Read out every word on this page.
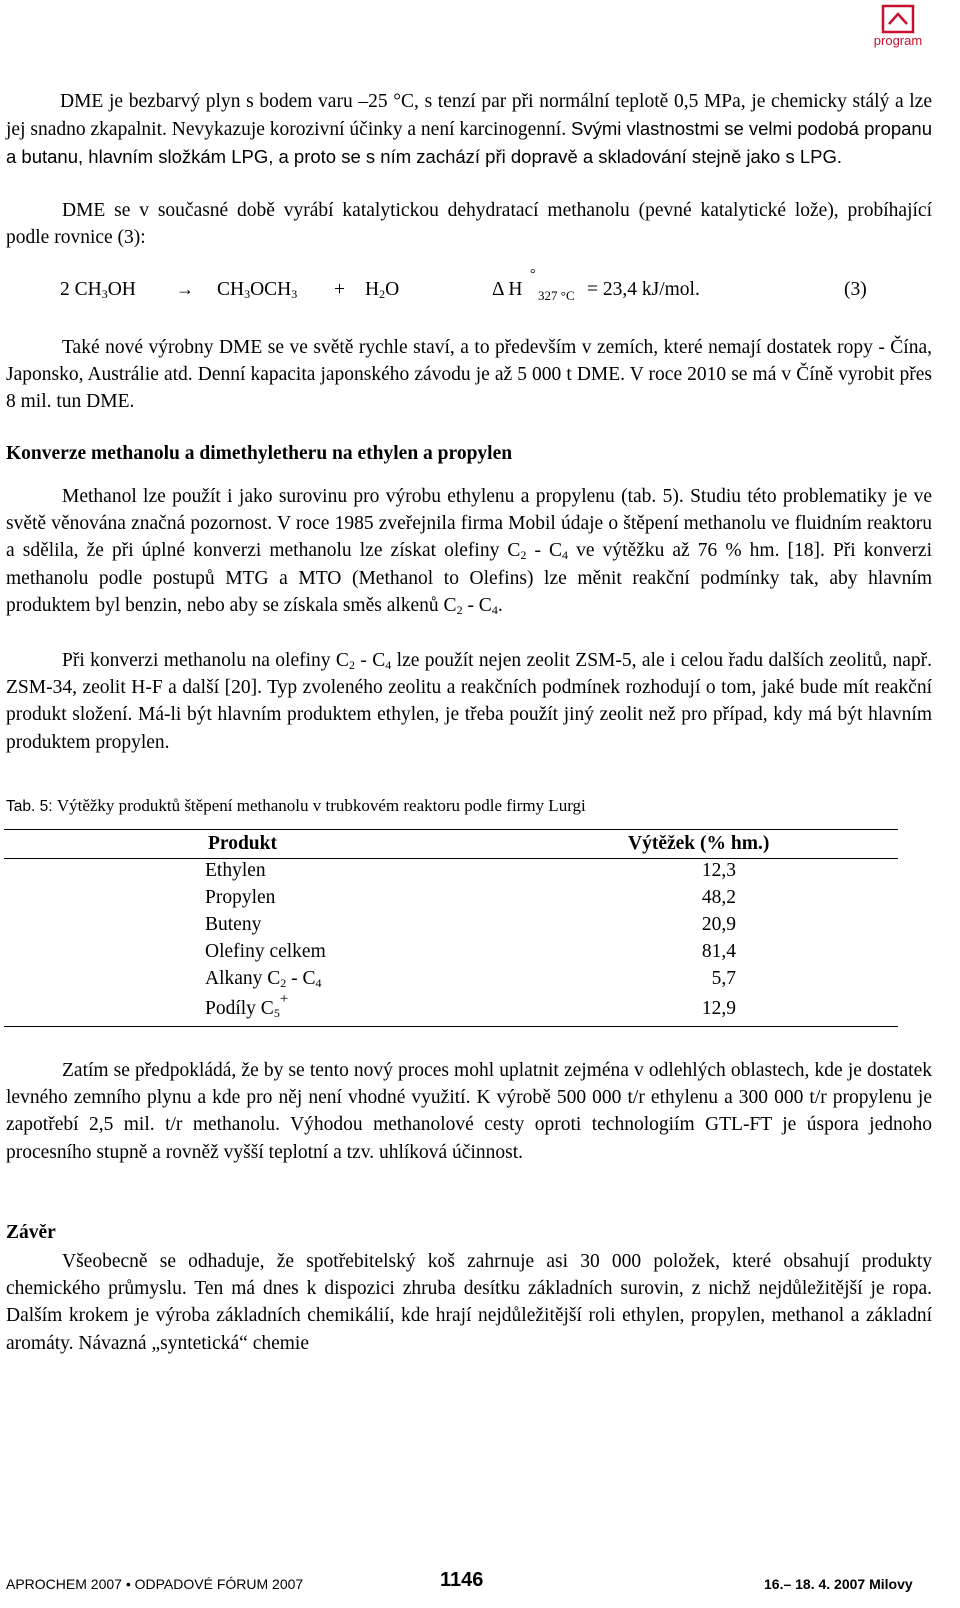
program
DME je bezbarvý plyn s bodem varu –25 °C, s tenzí par při normální teplotě 0,5 MPa, je chemicky stálý a lze jej snadno zkapalnit. Nevykazuje korozivní účinky a není karcinogenní. Svými vlastnostmi se velmi podobá propanu a butanu, hlavním složkám LPG, a proto se s ním zachází při dopravě a skladování stejně jako s LPG.
DME se v současné době vyrábí katalytickou dehydratací methanolu (pevné katalytické lože), probíhající podle rovnice (3):
2 $CH_3OH \to CH_3OCH_3 + H_2O$	Δ H
°
327 °C = 23,4 kJ/mol.	(3)
Také nové výrobny DME se ve světě rychle staví, a to především v zemích, které nemají dostatek ropy - Čína, Japonsko, Austrálie atd. Denní kapacita japonského závodu je až 5 000 t DME. V roce 2010 se má v Číně vyrobit přes 8 mil. tun DME.
Konverze methanolu a dimethyletheru na ethylen a propylen
Methanol lze použít i jako surovinu pro výrobu ethylenu a propylenu (tab. 5). Studiu této problematiky je ve světě věnována značná pozornost. V roce 1985 zveřejnila firma Mobil údaje o štěpení methanolu ve fluidním reaktoru a sdělila, že při úplné konverzi methanolu lze získat olefiny $C_2 - C_4$ ve výtěžku až 76 % hm. [18]. Při konverzi methanolu podle postupů MTG a MTO (Methanol to Olefins) lze měnit reakční podmínky tak, aby hlavním produktem byl benzin, nebo aby se získala směs alkenů $C_2 - C_4$.
Při konverzi methanolu na olefiny $C_2 - C_4$ lze použít nejen zeolit ZSM-5, ale i celou řadu dalších zeolitů, např. ZSM-34, zeolit H-F a další [20]. Typ zvoleného zeolitu a reakčních podmínek rozhodují o tom, jaké bude mít reakční produkt složení. Má-li být hlavním produktem ethylen, je třeba použít jiný zeolit než pro případ, kdy má být hlavním produktem propylen.
Tab. 5: Výtěžky produktů štěpení methanolu v trubkovém reaktoru podle firmy Lurgi
Produkt	Výtěžek (% hm.)
Ethylen	12,3
Propylen	48,2
Buteny	20,9
Olefiny celkem	81,4
Alkany $C_2 - C_4$	5,7
Podíly $C_5^+$	12,9
Zatím se předpokládá, že by se tento nový proces mohl uplatnit zejména v odlehlých oblastech, kde je dostatek levného zemního plynu a kde pro něj není vhodné využití. K výrobě 500 000 t/r ethylenu a 300 000 t/r propylenu je zapotřebí 2,5 mil. t/r methanolu. Výhodou methanolové cesty oproti technologiím GTL-FT je úspora jednoho procesního stupně a rovněž vyšší teplotní a tzv. uhlíková účinnost.
Závěr
Všeobecně se odhaduje, že spotřebitelský koš zahrnuje asi 30 000 položek, které obsahují produkty chemického průmyslu. Ten má dnes k dispozici zhruba desítku základních surovin, z nichž nejdůležitější je ropa. Dalším krokem je výroba základních chemikálií, kde hrají nejdůležitější roli ethylen, propylen, methanol a základní aromáty. Návazná „syntetická“ chemie
APROCHEM 2007 • ODPADOVÉ FÓRUM 2007	1146	16.– 18. 4. 2007 Milovy
